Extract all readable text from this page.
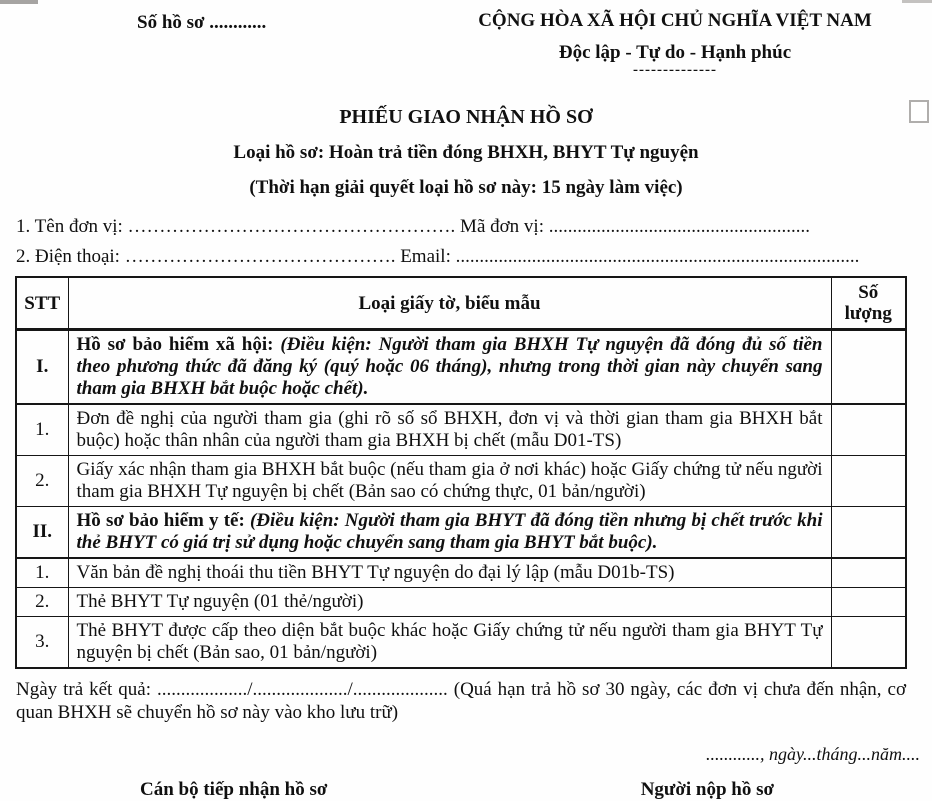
Số hồ sơ ............	CỘNG HÒA XÃ HỘI CHỦ NGHĨA VIỆT NAM
Độc lập - Tự do - Hạnh phúc
--------------
PHIẾU GIAO NHẬN HỒ SƠ
Loại hồ sơ: Hoàn trả tiền đóng BHXH, BHYT Tự nguyện
(Thời hạn giải quyết loại hồ sơ này: 15 ngày làm việc)
1. Tên đơn vị: ……………………………………………. Mã đơn vị: .......................................................
2. Điện thoại: ……………………………………. Email: .....................................................................................
STT	Loại giấy tờ, biểu mẫu	Số lượng
I.	Hồ sơ bảo hiểm xã hội: (Điều kiện: Người tham gia BHXH Tự nguyện đã đóng đủ số tiền theo phương thức đã đăng ký (quý hoặc 06 tháng), nhưng trong thời gian này chuyển sang tham gia BHXH bắt buộc hoặc chết).	
1.	Đơn đề nghị của người tham gia (ghi rõ số sổ BHXH, đơn vị và thời gian tham gia BHXH bắt buộc) hoặc thân nhân của người tham gia BHXH bị chết (mẫu D01-TS)	
2.	Giấy xác nhận tham gia BHXH bắt buộc (nếu tham gia ở nơi khác) hoặc Giấy chứng tử nếu người tham gia BHXH Tự nguyện bị chết (Bản sao có chứng thực, 01 bản/người)	
II.	Hồ sơ bảo hiểm y tế: (Điều kiện: Người tham gia BHYT đã đóng tiền nhưng bị chết trước khi thẻ BHYT có giá trị sử dụng hoặc chuyển sang tham gia BHYT bắt buộc).	
1.	Văn bản đề nghị thoái thu tiền BHYT Tự nguyện do đại lý lập (mẫu D01b-TS)	
2.	Thẻ BHYT Tự nguyện (01 thẻ/người)	
3.	Thẻ BHYT được cấp theo diện bắt buộc khác hoặc Giấy chứng tử nếu người tham gia BHYT Tự nguyện bị chết (Bản sao, 01 bản/người)	
Ngày trả kết quả: .................../..................../.................... (Quá hạn trả hồ sơ 30 ngày, các đơn vị chưa đến nhận, cơ quan BHXH sẽ chuyển hồ sơ này vào kho lưu trữ)
............, ngày...tháng...năm....
Cán bộ tiếp nhận hồ sơ	Người nộp hồ sơ
